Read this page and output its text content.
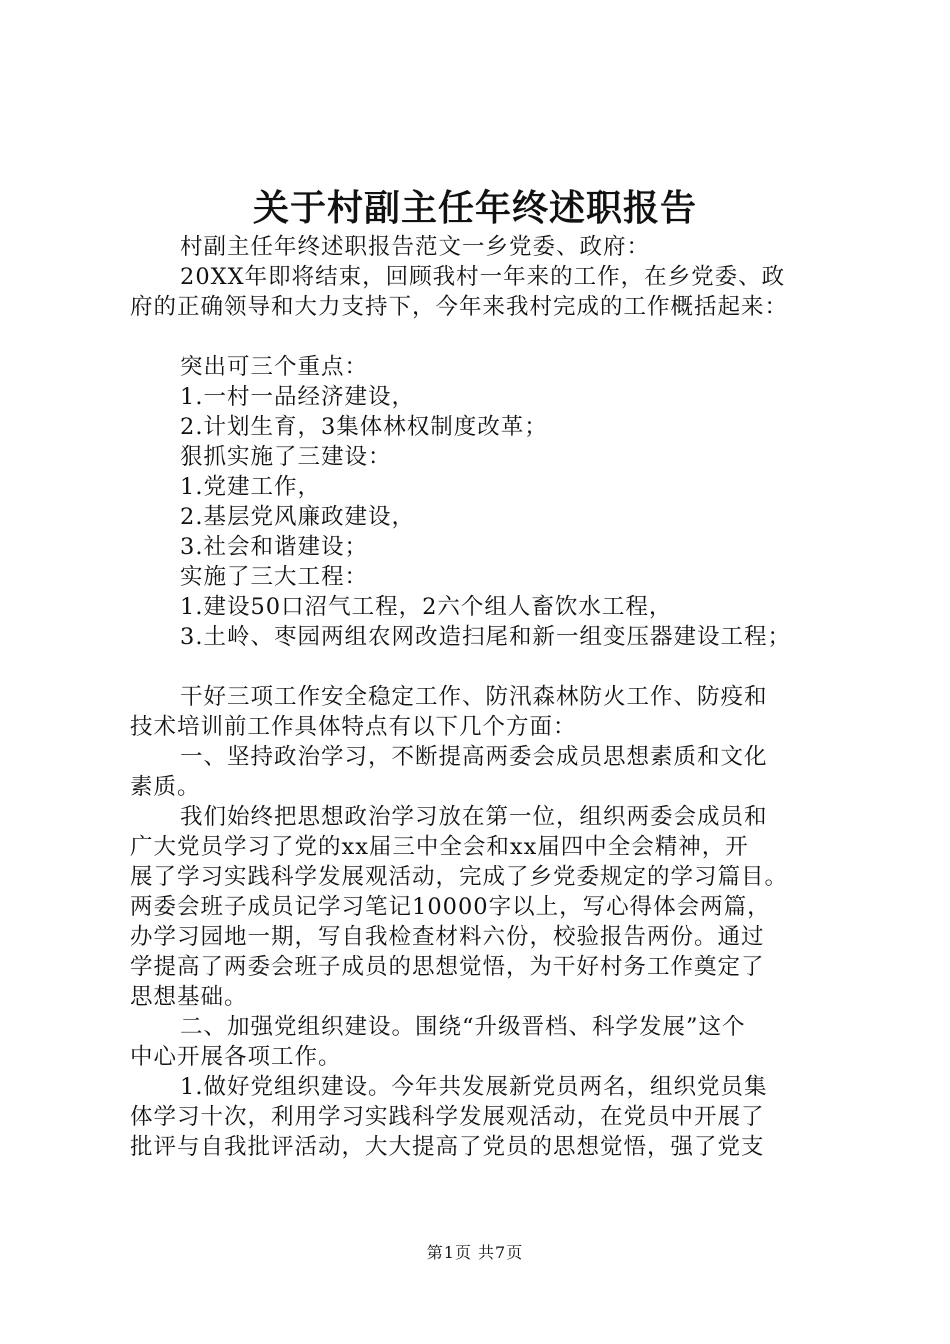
关于村副主任年终述职报告
村副主任年终述职报告范文一乡党委、政府：
20XX年即将结束，回顾我村一年来的工作，在乡党委、政
府的正确领导和大力支持下，今年来我村完成的工作概括起来：
突出可三个重点：
1.一村一品经济建设，
2.计划生育，3集体林权制度改革；
狠抓实施了三建设：
1.党建工作，
2.基层党风廉政建设，
3.社会和谐建设；
实施了三大工程：
1.建设50口沼气工程，2六个组人畜饮水工程，
3.土岭、枣园两组农网改造扫尾和新一组变压器建设工程；
干好三项工作安全稳定工作、防汛森林防火工作、防疫和
技术培训前工作具体特点有以下几个方面：
一、坚持政治学习，不断提高两委会成员思想素质和文化
素质。
我们始终把思想政治学习放在第一位，组织两委会成员和
广大党员学习了党的xx届三中全会和xx届四中全会精神，开
展了学习实践科学发展观活动，完成了乡党委规定的学习篇目。
两委会班子成员记学习笔记10000字以上，写心得体会两篇，
办学习园地一期，写自我检查材料六份，校验报告两份。通过
学提高了两委会班子成员的思想觉悟，为干好村务工作奠定了
思想基础。
二、加强党组织建设。围绕“升级晋档、科学发展”这个
中心开展各项工作。
1.做好党组织建设。今年共发展新党员两名，组织党员集
体学习十次，利用学习实践科学发展观活动，在党员中开展了
批评与自我批评活动，大大提高了党员的思想觉悟，强了党支
第1页 共7页
